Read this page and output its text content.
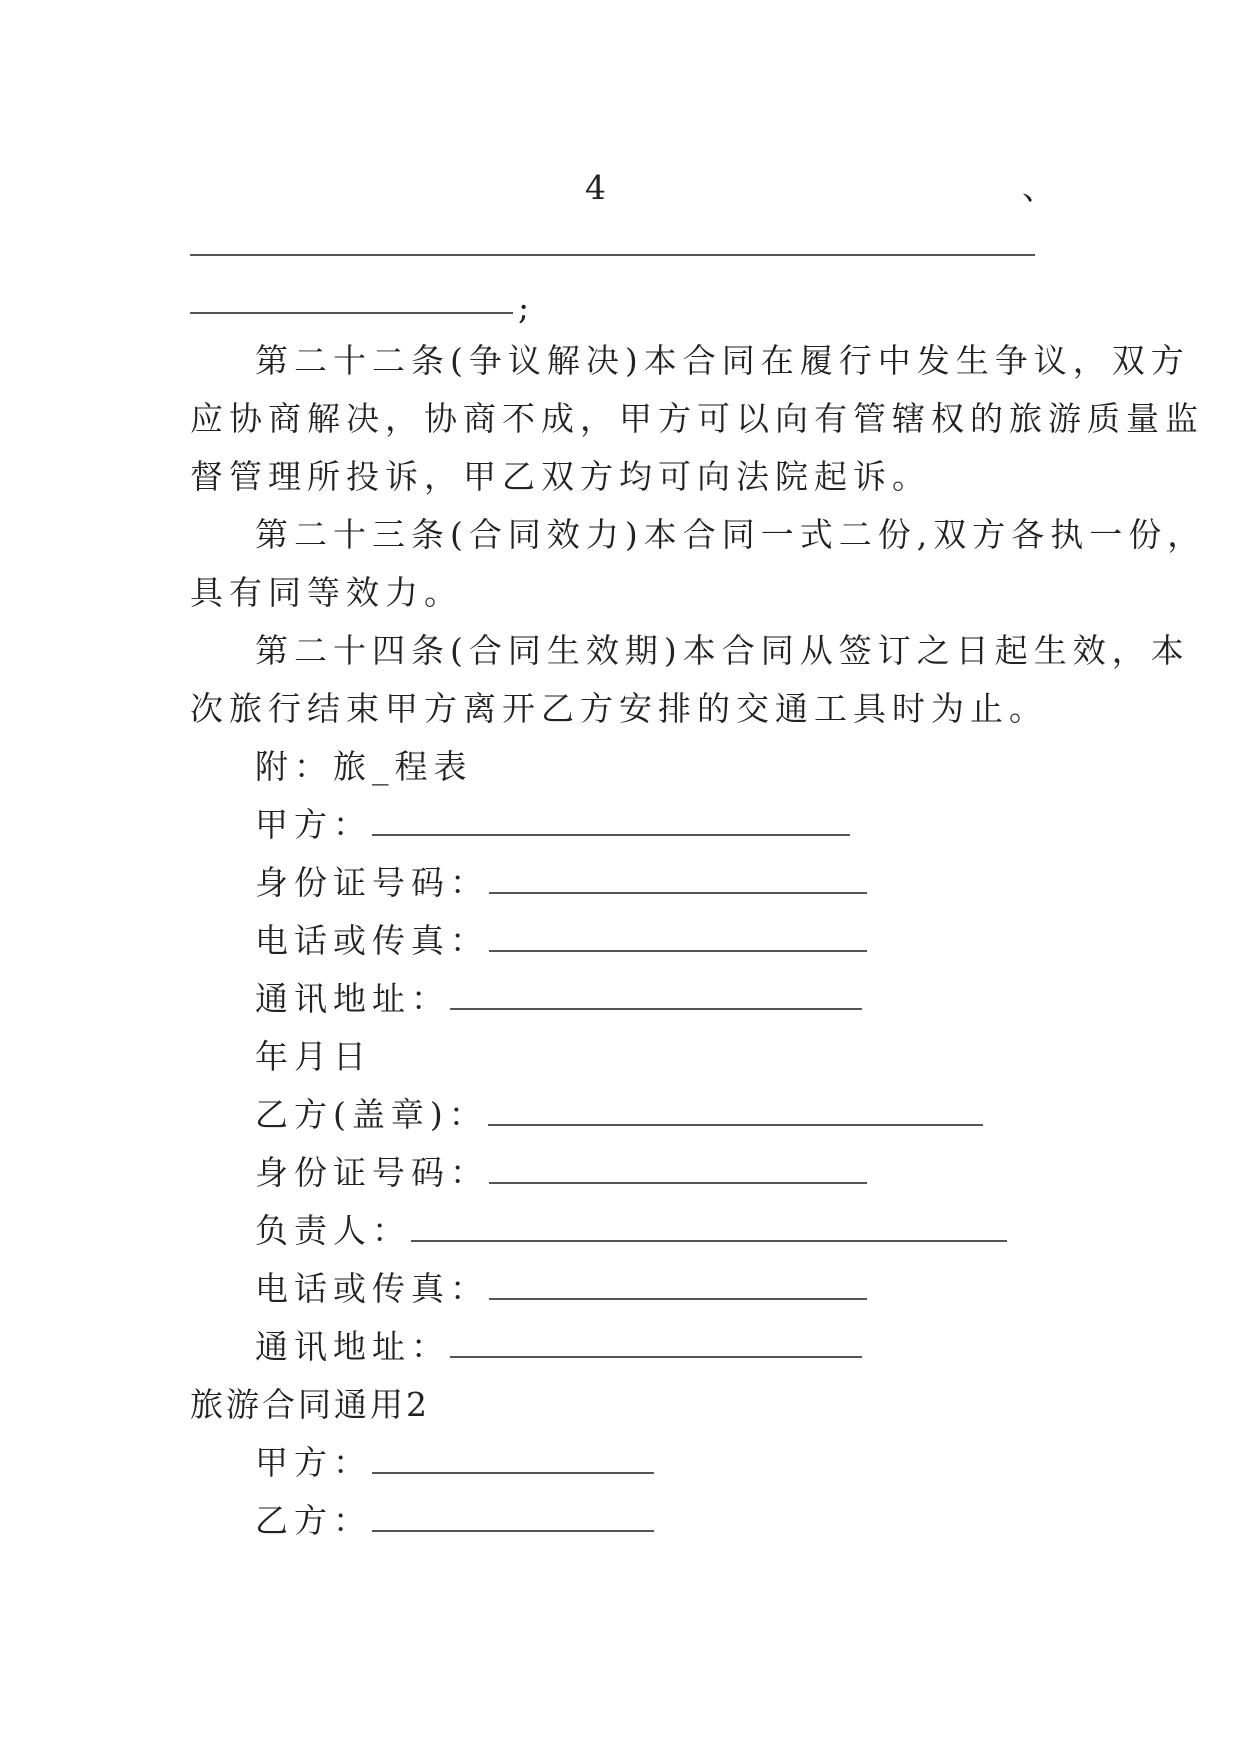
4	、
;
第二十二条(争议解决)本合同在履行中发生争议，双方
应协商解决，协商不成，甲方可以向有管辖权的旅游质量监
督管理所投诉，甲乙双方均可向法院起诉。
第二十三条(合同效力)本合同一式二份,双方各执一份，
具有同等效力。
第二十四条(合同生效期)本合同从签订之日起生效，本
次旅行结束甲方离开乙方安排的交通工具时为止。
附：旅_程表
甲方：
身份证号码：
电话或传真：
通讯地址：
年月日
乙方(盖章)：
身份证号码：
负责人：
电话或传真：
通讯地址：
旅游合同通用2
甲方：
乙方：
